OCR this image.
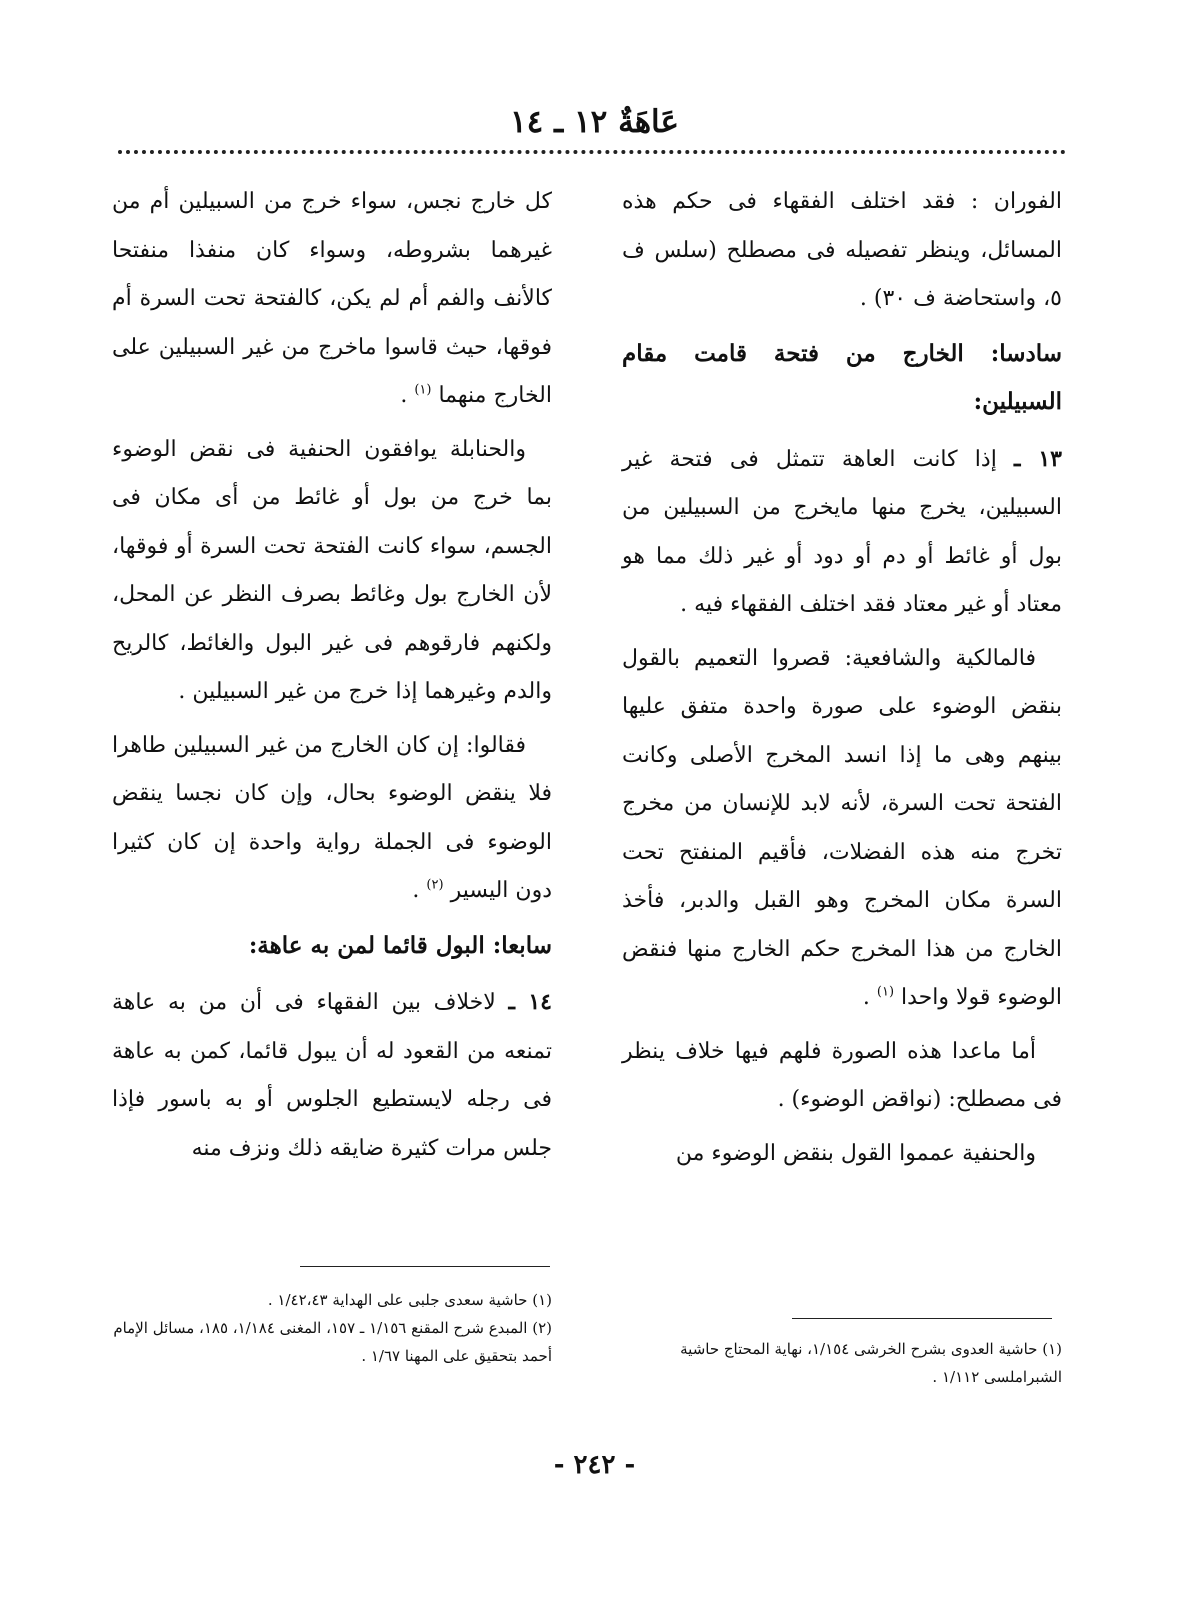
عَاهَةٌ ١٢ ـ ١٤

الفوران : فقد اختلف الفقهاء فى حكم هذه المسائل، وينظر تفصيله فى مصطلح (سلس ف ٥، واستحاضة ف ٣٠) .

سادسا: الخارج من فتحة قامت مقام السبيلين:

١٣ ـ إذا كانت العاهة تتمثل فى فتحة غير السبيلين، يخرج منها مايخرج من السبيلين من بول أو غائط أو دم أو دود أو غير ذلك مما هو معتاد أو غير معتاد فقد اختلف الفقهاء فيه .

فالمالكية والشافعية: قصروا التعميم بالقول بنقض الوضوء على صورة واحدة متفق عليها بينهم وهى ما إذا انسد المخرج الأصلى وكانت الفتحة تحت السرة، لأنه لابد للإنسان من مخرج تخرج منه هذه الفضلات، فأقيم المنفتح تحت السرة مكان المخرج وهو القبل والدبر، فأخذ الخارج من هذا المخرج حكم الخارج منها فنقض الوضوء قولا واحدا $^{(١)}$ .

أما ماعدا هذه الصورة فلهم فيها خلاف ينظر فى مصطلح: (نواقض الوضوء) .

والحنفية عمموا القول بنقض الوضوء من

كل خارج نجس، سواء خرج من السبيلين أم من غيرهما بشروطه، وسواء كان منفذا منفتحا كالأنف والفم أم لم يكن، كالفتحة تحت السرة أم فوقها، حيث قاسوا ماخرج من غير السبيلين على الخارج منهما $^{(١)}$ .

والحنابلة يوافقون الحنفية فى نقض الوضوء بما خرج من بول أو غائط من أى مكان فى الجسم، سواء كانت الفتحة تحت السرة أو فوقها، لأن الخارج بول وغائط بصرف النظر عن المحل، ولكنهم فارقوهم فى غير البول والغائط، كالريح والدم وغيرهما إذا خرج من غير السبيلين .

فقالوا: إن كان الخارج من غير السبيلين طاهرا فلا ينقض الوضوء بحال، وإن كان نجسا ينقض الوضوء فى الجملة رواية واحدة إن كان كثيرا دون اليسير $^{(٢)}$ .

سابعا: البول قائما لمن به عاهة:

١٤ ـ لاخلاف بين الفقهاء فى أن من به عاهة تمنعه من القعود له أن يبول قائما، كمن به عاهة فى رجله لايستطيع الجلوس أو به باسور فإذا جلس مرات كثيرة ضايقه ذلك ونزف منه

(١) حاشية العدوى بشرح الخرشى ١/١٥٤، نهاية المحتاج حاشية الشبراملسى ١/١١٢ .

(١) حاشية سعدى جلبى على الهداية ١/٤٢،٤٣ .

(٢) المبدع شرح المقنع ١/١٥٦ ـ ١٥٧، المغنى ١/١٨٤، ١٨٥، مسائل الإمام أحمد بتحقيق على المهنا ١/٦٧ .

- ٢٤٢ -
